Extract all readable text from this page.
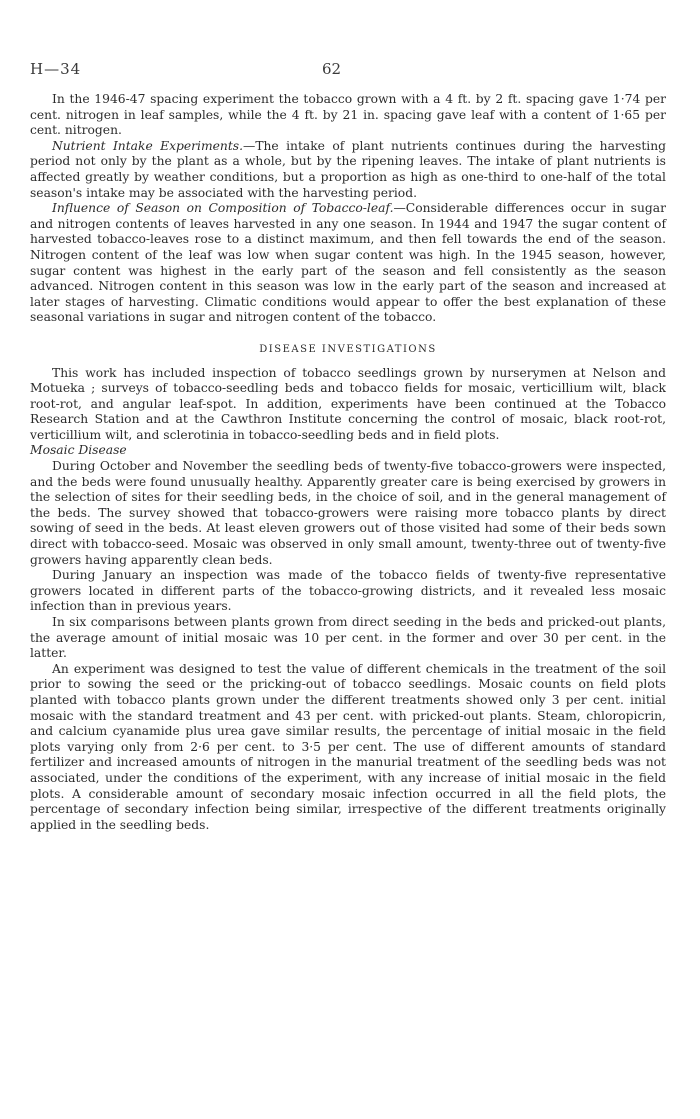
H—34	62

In the 1946-47 spacing experiment the tobacco grown with a 4 ft. by 2 ft. spacing gave 1·74 per cent. nitrogen in leaf samples, while the 4 ft. by 21 in. spacing gave leaf with a content of 1·65 per cent. nitrogen.

Nutrient Intake Experiments.—The intake of plant nutrients continues during the harvesting period not only by the plant as a whole, but by the ripening leaves. The intake of plant nutrients is affected greatly by weather conditions, but a proportion as high as one-third to one-half of the total season's intake may be associated with the harvesting period.

Influence of Season on Composition of Tobacco-leaf.—Considerable differences occur in sugar and nitrogen contents of leaves harvested in any one season. In 1944 and 1947 the sugar content of harvested tobacco-leaves rose to a distinct maximum, and then fell towards the end of the season. Nitrogen content of the leaf was low when sugar content was high. In the 1945 season, however, sugar content was highest in the early part of the season and fell consistently as the season advanced. Nitrogen content in this season was low in the early part of the season and increased at later stages of harvesting. Climatic conditions would appear to offer the best explanation of these seasonal variations in sugar and nitrogen content of the tobacco.

DISEASE INVESTIGATIONS

This work has included inspection of tobacco seedlings grown by nurserymen at Nelson and Motueka ; surveys of tobacco-seedling beds and tobacco fields for mosaic, verticillium wilt, black root-rot, and angular leaf-spot. In addition, experiments have been continued at the Tobacco Research Station and at the Cawthron Institute concerning the control of mosaic, black root-rot, verticillium wilt, and sclerotinia in tobacco-seedling beds and in field plots.

Mosaic Disease

During October and November the seedling beds of twenty-five tobacco-growers were inspected, and the beds were found unusually healthy. Apparently greater care is being exercised by growers in the selection of sites for their seedling beds, in the choice of soil, and in the general management of the beds. The survey showed that tobacco-growers were raising more tobacco plants by direct sowing of seed in the beds. At least eleven growers out of those visited had some of their beds sown direct with tobacco-seed. Mosaic was observed in only small amount, twenty-three out of twenty-five growers having apparently clean beds.

During January an inspection was made of the tobacco fields of twenty-five representative growers located in different parts of the tobacco-growing districts, and it revealed less mosaic infection than in previous years.

In six comparisons between plants grown from direct seeding in the beds and pricked-out plants, the average amount of initial mosaic was 10 per cent. in the former and over 30 per cent. in the latter.

An experiment was designed to test the value of different chemicals in the treatment of the soil prior to sowing the seed or the pricking-out of tobacco seedlings. Mosaic counts on field plots planted with tobacco plants grown under the different treatments showed only 3 per cent. initial mosaic with the standard treatment and 43 per cent. with pricked-out plants. Steam, chloropicrin, and calcium cyanamide plus urea gave similar results, the percentage of initial mosaic in the field plots varying only from 2·6 per cent. to 3·5 per cent. The use of different amounts of standard fertilizer and increased amounts of nitrogen in the manurial treatment of the seedling beds was not associated, under the conditions of the experiment, with any increase of initial mosaic in the field plots. A considerable amount of secondary mosaic infection occurred in all the field plots, the percentage of secondary infection being similar, irrespective of the different treatments originally applied in the seedling beds.
